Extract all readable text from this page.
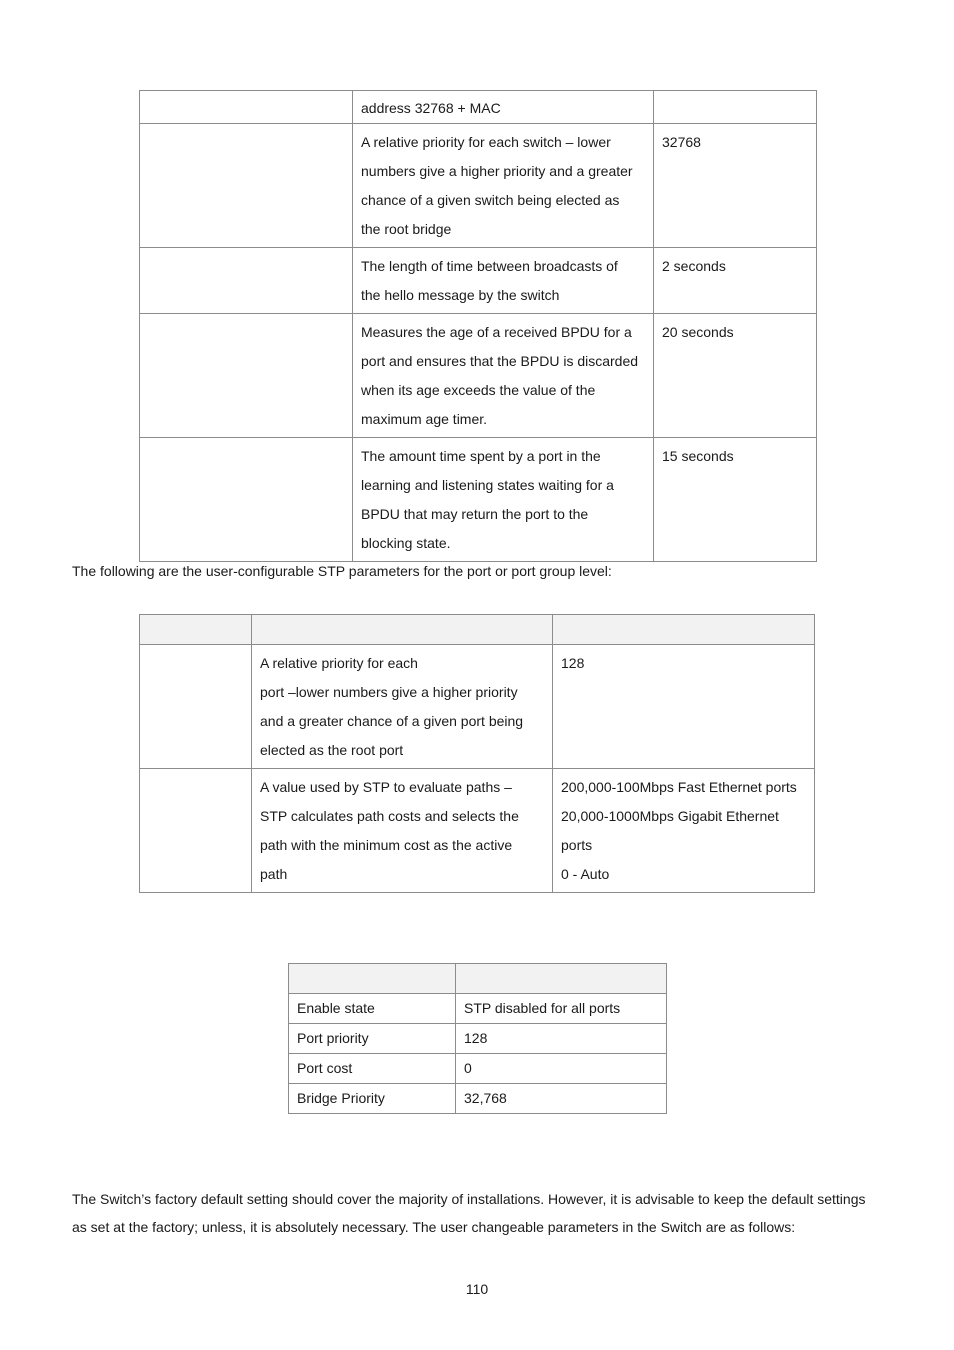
	address 32768 + MAC	

	A relative priority for each switch – lower
numbers give a higher priority and a greater
chance of a given switch being elected as
the root bridge	32768

	The length of time between broadcasts of
the hello message by the switch	2 seconds

	Measures the age of a received BPDU for a
port and ensures that the BPDU is discarded
when its age exceeds the value of the
maximum age timer.	20 seconds

	The amount time spent by a port in the
learning and listening states waiting for a
BPDU that may return the port to the
blocking state.	15 seconds
The following are the user-configurable STP parameters for the port or port group level:

	A relative priority for each
port –lower numbers give a higher priority
and a greater chance of a given port being
elected as the root port	128

	A value used by STP to evaluate paths –
STP calculates path costs and selects the
path with the minimum cost as the active
path	200,000-100Mbps Fast Ethernet ports
20,000-1000Mbps Gigabit Ethernet
ports
0 - Auto

Enable state	STP disabled for all ports
Port priority	128
Port cost	0
Bridge Priority	32,768
The Switch’s factory default setting should cover the majority of installations. However, it is advisable to keep the default settings
as set at the factory; unless, it is absolutely necessary. The user changeable parameters in the Switch are as follows:
110
